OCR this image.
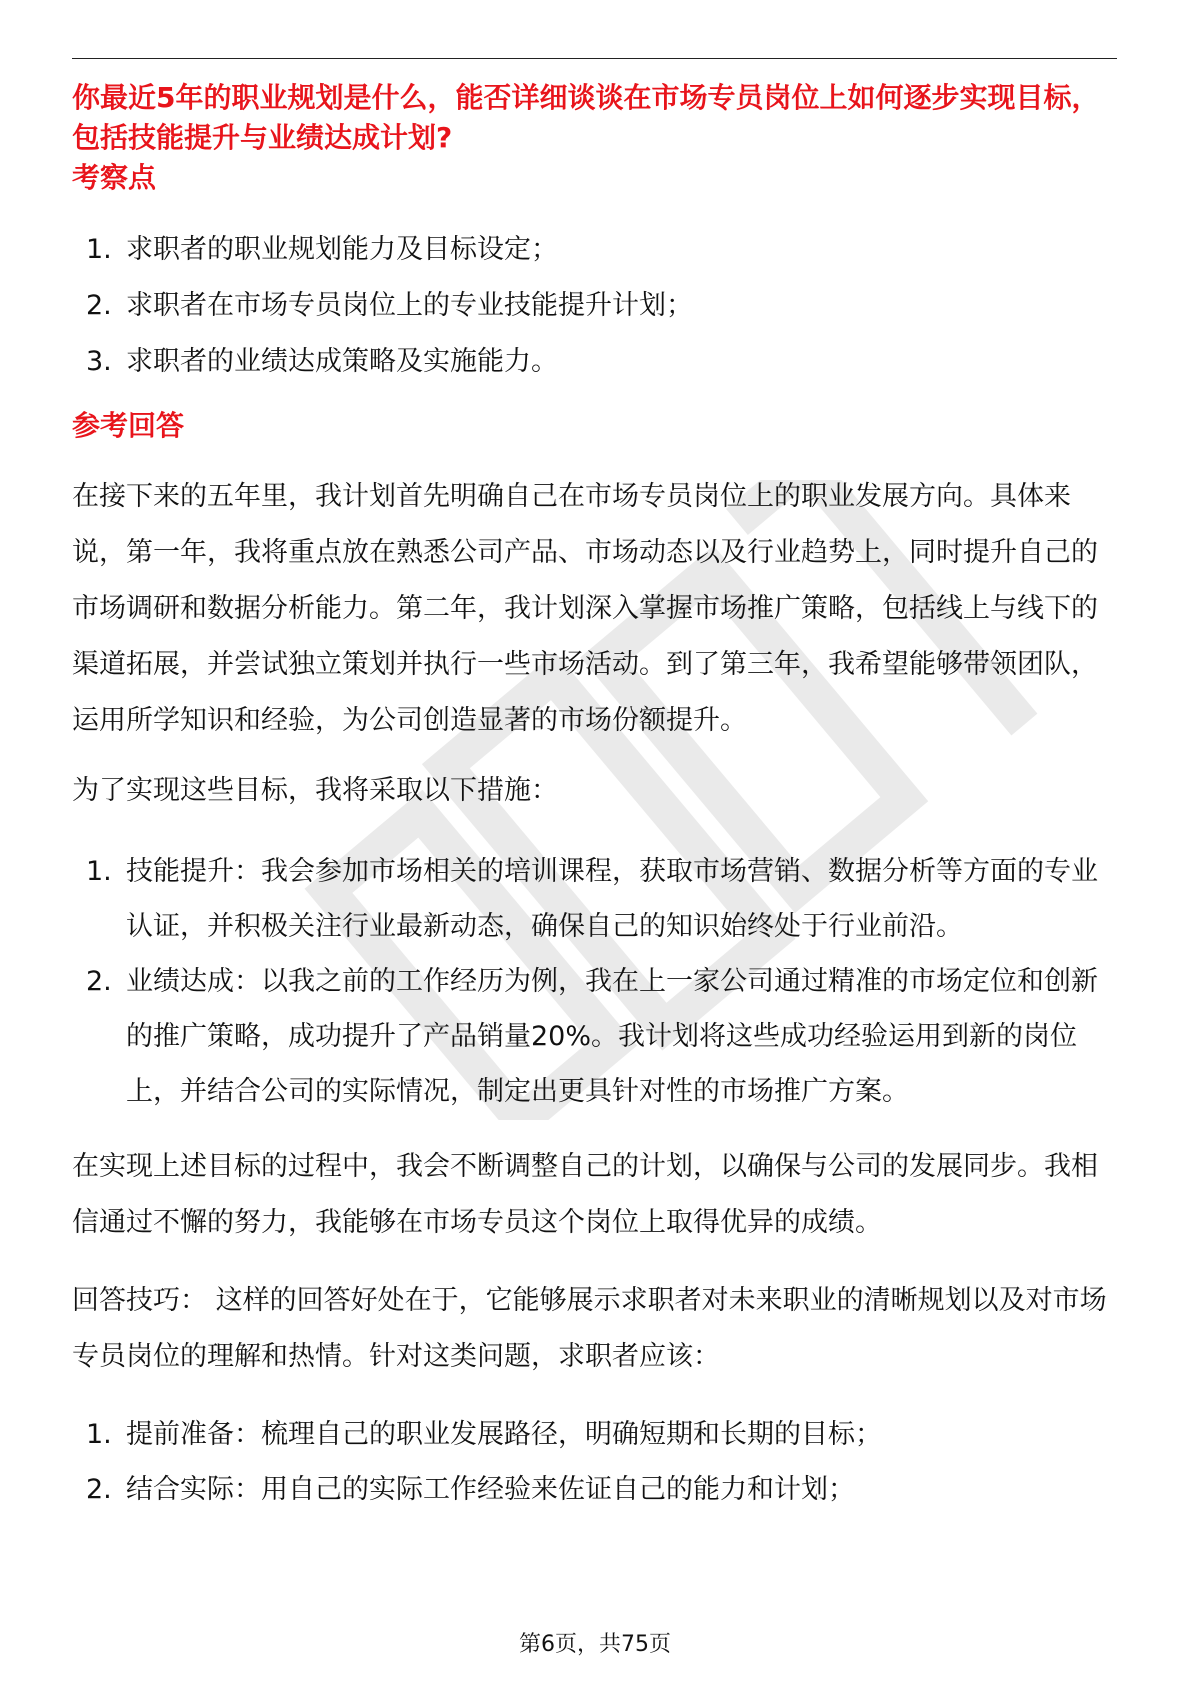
你最近5年的职业规划是什么，能否详细谈谈在市场专员岗位上如何逐步实现目标，包括技能提升与业绩达成计划?

考察点
1. 求职者的职业规划能力及目标设定；
2. 求职者在市场专员岗位上的专业技能提升计划；
3. 求职者的业绩达成策略及实施能力。
参考回答

在接下来的五年里，我计划首先明确自己在市场专员岗位上的职业发展方向。具体来说，第一年，我将重点放在熟悉公司产品、市场动态以及行业趋势上，同时提升自己的市场调研和数据分析能力。第二年，我计划深入掌握市场推广策略，包括线上与线下的渠道拓展，并尝试独立策划并执行一些市场活动。到了第三年，我希望能够带领团队，运用所学知识和经验，为公司创造显著的市场份额提升。

为了实现这些目标，我将采取以下措施：

1. 技能提升：我会参加市场相关的培训课程，获取市场营销、数据分析等方面的专业认证，并积极关注行业最新动态，确保自己的知识始终处于行业前沿。
2. 业绩达成：以我之前的工作经历为例，我在上一家公司通过精准的市场定位和创新的推广策略，成功提升了产品销量20%。我计划将这些成功经验运用到新的岗位上，并结合公司的实际情况，制定出更具针对性的市场推广方案。

在实现上述目标的过程中，我会不断调整自己的计划，以确保与公司的发展同步。我相信通过不懈的努力，我能够在市场专员这个岗位上取得优异的成绩。

回答技巧： 这样的回答好处在于，它能够展示求职者对未来职业的清晰规划以及对市场专员岗位的理解和热情。针对这类问题，求职者应该：

1. 提前准备：梳理自己的职业发展路径，明确短期和长期的目标；
2. 结合实际：用自己的实际工作经验来佐证自己的能力和计划；
第6页，共75页
